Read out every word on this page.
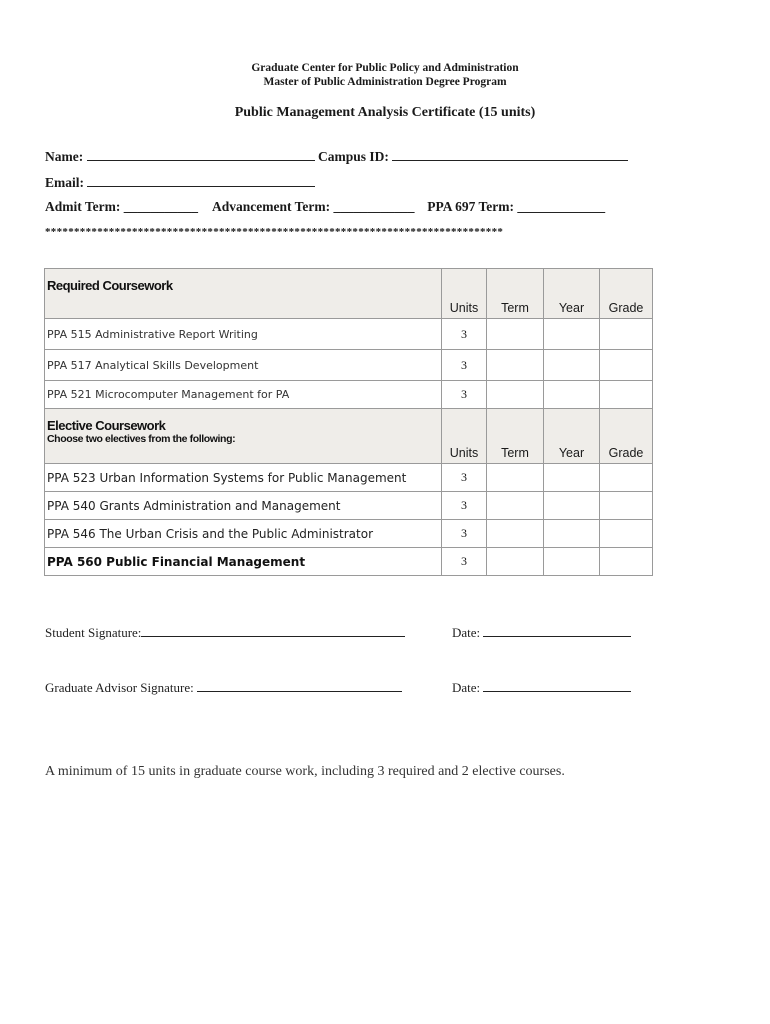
Graduate Center for Public Policy and Administration
Master of Public Administration Degree Program
Public Management Analysis Certificate (15 units)
Name:	Campus ID:
Email:
Admit Term: ___________ Advancement Term: ____________ PPA 697 Term: _____________
*******************************************************************************
Required Coursework	Units	Term	Year	Grade
PPA 515 Administrative Report Writing	3			
PPA 517 Analytical Skills Development	3			
PPA 521 Microcomputer Management for PA	3			

Elective Coursework
Choose two electives from the following:	Units	Term	Year	Grade
PPA 523 Urban Information Systems for Public Management	3			
PPA 540 Grants Administration and Management	3			
PPA 546 The Urban Crisis and the Public Administrator	3			
PPA 560 Public Financial Management	3			
Student Signature:	Date:
Graduate Advisor Signature:	Date:
A minimum of 15 units in graduate course work, including 3 required and 2 elective courses.
